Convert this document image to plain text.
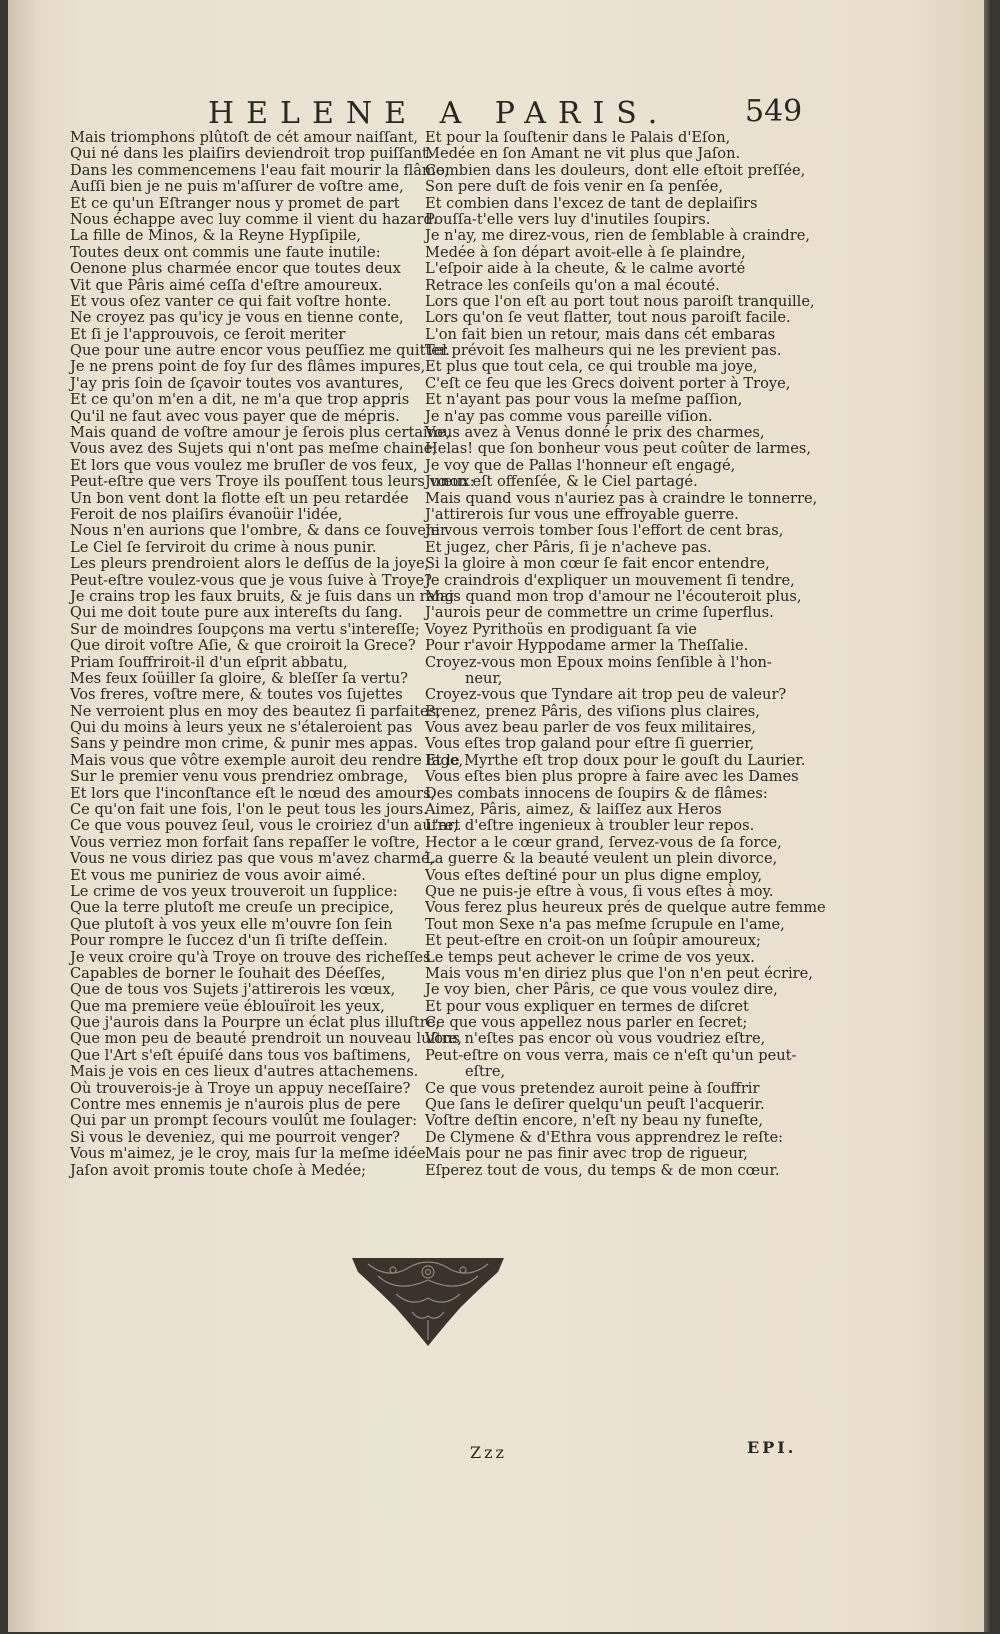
HELENE A PARIS.	549
Mais triomphons plûtoſt de cét amour naiſſant,
Qui né dans les plaiſirs deviendroit trop puiſſant:
Dans les commencemens l'eau fait mourir la flâme,
Auſſi bien je ne puis m'aſſurer de voſtre ame,
Et ce qu'un Eſtranger nous y promet de part
Nous échappe avec luy comme il vient du hazard.
La fille de Minos, & la Reyne Hypſipile,
Toutes deux ont commis une faute inutile:
Oenone plus charmée encor que toutes deux
Vit que Pâris aimé ceſſa d'eſtre amoureux.
Et vous oſez vanter ce qui fait voſtre honte.
Ne croyez pas qu'icy je vous en tienne conte,
Et ſi je l'approuvois, ce ſeroit meriter
Que pour une autre encor vous peuſſiez me quitter.
Je ne prens point de foy ſur des flâmes impures,
J'ay pris ſoin de ſçavoir toutes vos avantures,
Et ce qu'on m'en a dit, ne m'a que trop appris
Qu'il ne faut avec vous payer que de mépris.
Mais quand de voſtre amour je ſerois plus certaine,
Vous avez des Sujets qui n'ont pas meſme chaine,
Et lors que vous voulez me bruſler de vos feux,
Peut-eſtre que vers Troye ils pouſſent tous leurs vœux:
Un bon vent dont la flotte eſt un peu retardée
Feroit de nos plaiſirs évanoüir l'idée,
Nous n'en aurions que l'ombre, & dans ce ſouvenir
Le Ciel ſe ſerviroit du crime à nous punir.
Les pleurs prendroient alors le deſſus de la joye,
Peut-eſtre voulez-vous que je vous ſuive à Troye?
Je crains trop les faux bruits, & je ſuis dans un rang
Qui me doit toute pure aux intereſts du ſang.
Sur de moindres ſoupçons ma vertu s'intereſſe;
Que diroit voſtre Aſie, & que croiroit la Grece?
Priam ſouffriroit-il d'un eſprit abbatu,
Mes feux ſoüiller ſa gloire, & bleſſer ſa vertu?
Vos freres, voſtre mere, & toutes vos ſujettes
Ne verroient plus en moy des beautez ſi parfaites,
Qui du moins à leurs yeux ne s'étaleroient pas
Sans y peindre mon crime, & punir mes appas.
Mais vous que vôtre exemple auroit deu rendre ſage,
Sur le premier venu vous prendriez ombrage,
Et lors que l'inconſtance eſt le nœud des amours,
Ce qu'on fait une fois, l'on le peut tous les jours.
Ce que vous pouvez ſeul, vous le croiriez d'un autre,
Vous verriez mon forfait ſans repaſſer le voſtre,
Vous ne vous diriez pas que vous m'avez charmé,
Et vous me puniriez de vous avoir aimé.
Le crime de vos yeux trouveroit un ſupplice:
Que la terre plutoſt me creuſe un precipice,
Que plutoſt à vos yeux elle m'ouvre ſon ſein
Pour rompre le ſuccez d'un ſi triſte deſſein.
Je veux croire qu'à Troye on trouve des richeſſes
Capables de borner le ſouhait des Déeſſes,
Que de tous vos Sujets j'attirerois les vœux,
Que ma premiere veüe éblouïroit les yeux,
Que j'aurois dans la Pourpre un éclat plus illuſtre,
Que mon peu de beauté prendroit un nouveau luſtre,
Que l'Art s'eſt épuiſé dans tous vos baſtimens,
Mais je vois en ces lieux d'autres attachemens.
Où trouverois-je à Troye un appuy neceſſaire?
Contre mes ennemis je n'aurois plus de pere
Qui par un prompt ſecours voulût me ſoulager:
Si vous le deveniez, qui me pourroit venger?
Vous m'aimez, je le croy, mais ſur la meſme idée
Jaſon avoit promis toute choſe à Medée;
Et pour la ſouſtenir dans le Palais d'Eſon,
Medée en ſon Amant ne vit plus que Jaſon.
Combien dans les douleurs, dont elle eſtoit preſſée,
Son pere duſt de fois venir en ſa penſée,
Et combien dans l'excez de tant de deplaiſirs
Pouſſa-t'elle vers luy d'inutiles ſoupirs.
Je n'ay, me direz-vous, rien de ſemblable à craindre,
Medée à ſon départ avoit-elle à ſe plaindre,
L'eſpoir aide à la cheute, & le calme avorté
Retrace les conſeils qu'on a mal écouté.
Lors que l'on eſt au port tout nous paroiſt tranquille,
Lors qu'on ſe veut flatter, tout nous paroiſt facile.
L'on fait bien un retour, mais dans cét embaras
Tel prévoit ſes malheurs qui ne les previent pas.
Et plus que tout cela, ce qui trouble ma joye,
C'eſt ce feu que les Grecs doivent porter à Troye,
Et n'ayant pas pour vous la meſme paſſion,
Je n'ay pas comme vous pareille viſion.
Vous avez à Venus donné le prix des charmes,
Helas! que ſon bonheur vous peut coûter de larmes,
Je voy que de Pallas l'honneur eſt engagé,
Junon eſt offenſée, & le Ciel partagé.
Mais quand vous n'auriez pas à craindre le tonnerre,
J'attirerois ſur vous une effroyable guerre.
Je vous verrois tomber ſous l'effort de cent bras,
Et jugez, cher Pâris, ſi je n'acheve pas.
Si la gloire à mon cœur ſe fait encor entendre,
Je craindrois d'expliquer un mouvement ſi tendre,
Mais quand mon trop d'amour ne l'écouteroit plus,
J'aurois peur de commettre un crime ſuperflus.
Voyez Pyrithoüs en prodiguant ſa vie
Pour r'avoir Hyppodame armer la Theſſalie.
Croyez-vous mon Epoux moins ſenſible à l'hon-
neur,
Croyez-vous que Tyndare ait trop peu de valeur?
Prenez, prenez Pâris, des viſions plus claires,
Vous avez beau parler de vos feux militaires,
Vous eſtes trop galand pour eſtre ſi guerrier,
Et le Myrthe eſt trop doux pour le gouſt du Laurier.
Vous eſtes bien plus propre à faire avec les Dames
Des combats innocens de ſoupirs & de flâmes:
Aimez, Pâris, aimez, & laiſſez aux Heros
L'art d'eſtre ingenieux à troubler leur repos.
Hector a le cœur grand, ſervez-vous de ſa force,
La guerre & la beauté veulent un plein divorce,
Vous eſtes deſtiné pour un plus digne employ,
Que ne puis-je eſtre à vous, ſi vous eſtes à moy.
Vous ferez plus heureux prés de quelque autre femme
Tout mon Sexe n'a pas meſme ſcrupule en l'ame,
Et peut-eſtre en croit-on un ſoûpir amoureux;
Le temps peut achever le crime de vos yeux.
Mais vous m'en diriez plus que l'on n'en peut écrire,
Je voy bien, cher Pâris, ce que vous voulez dire,
Et pour vous expliquer en termes de diſcret
Ce que vous appellez nous parler en ſecret;
Vous n'eſtes pas encor où vous voudriez eſtre,
Peut-eſtre on vous verra, mais ce n'eſt qu'un peut-
eſtre,
Ce que vous pretendez auroit peine à ſouffrir
Que ſans le deſirer quelqu'un peuſt l'acquerir.
Voſtre deſtin encore, n'eſt ny beau ny funeſte,
De Clymene & d'Ethra vous apprendrez le reſte:
Mais pour ne pas finir avec trop de rigueur,
Eſperez tout de vous, du temps & de mon cœur.
Zzz	EPI.
